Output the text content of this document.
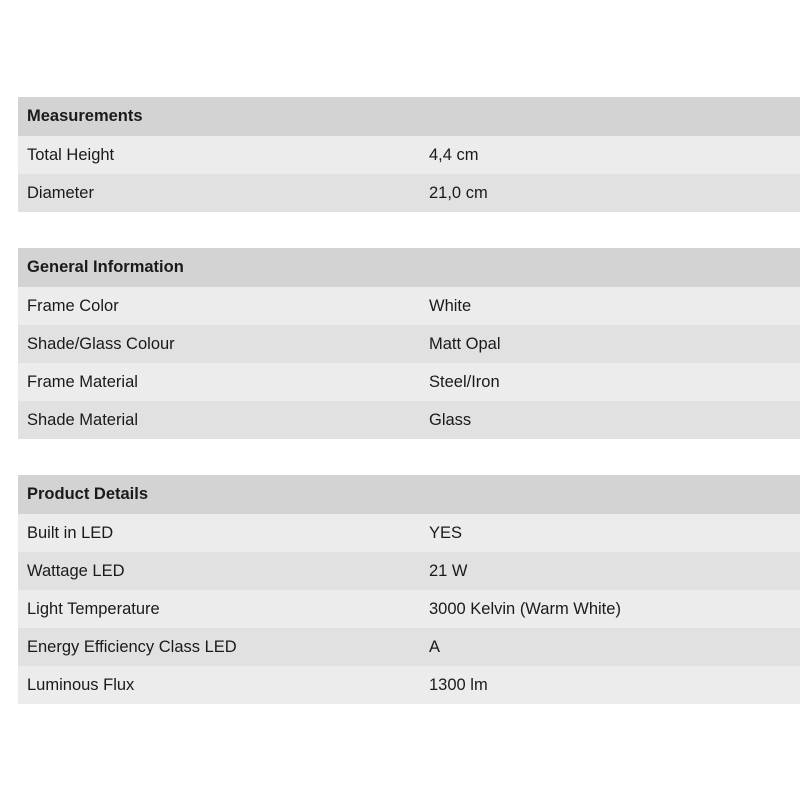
Measurements
Total Height	4,4 cm
Diameter	21,0 cm
General Information
Frame Color	White
Shade/Glass Colour	Matt Opal
Frame Material	Steel/Iron
Shade Material	Glass
Product Details
Built in LED	YES
Wattage LED	21 W
Light Temperature	3000 Kelvin (Warm White)
Energy Efficiency Class LED	A
Luminous Flux	1300 lm
